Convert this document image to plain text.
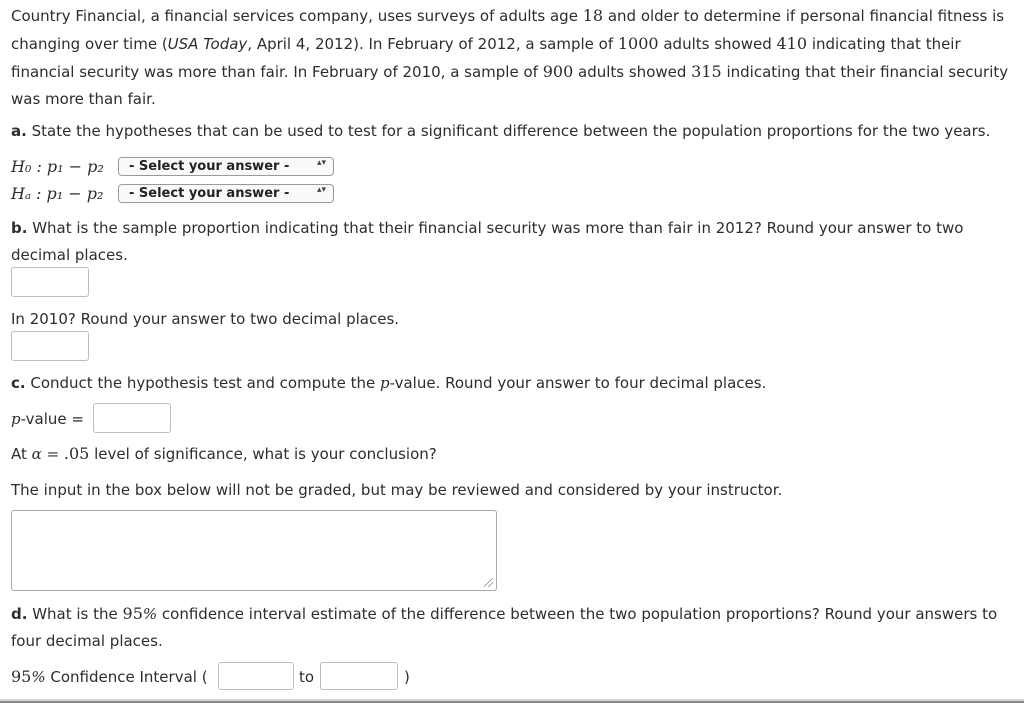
Country Financial, a financial services company, uses surveys of adults age 18 and older to determine if personal financial fitness is changing over time (USA Today, April 4, 2012). In February of 2012, a sample of 1000 adults showed 410 indicating that their financial security was more than fair. In February of 2010, a sample of 900 adults showed 315 indicating that their financial security was more than fair.

a. State the hypotheses that can be used to test for a significant difference between the population proportions for the two years.

H₀ : p₁ − p₂	- Select your answer -	▴▾
Hₐ : p₁ − p₂	- Select your answer -	▴▾

b. What is the sample proportion indicating that their financial security was more than fair in 2012? Round your answer to two decimal places.

In 2010? Round your answer to two decimal places.
c. Conduct the hypothesis test and compute the p-value. Round your answer to four decimal places.
p-value =
At α = .05 level of significance, what is your conclusion?
The input in the box below will not be graded, but may be reviewed and considered by your instructor.

d. What is the 95% confidence interval estimate of the difference between the two population proportions? Round your answers to four decimal places.

95% Confidence Interval (	to	)
